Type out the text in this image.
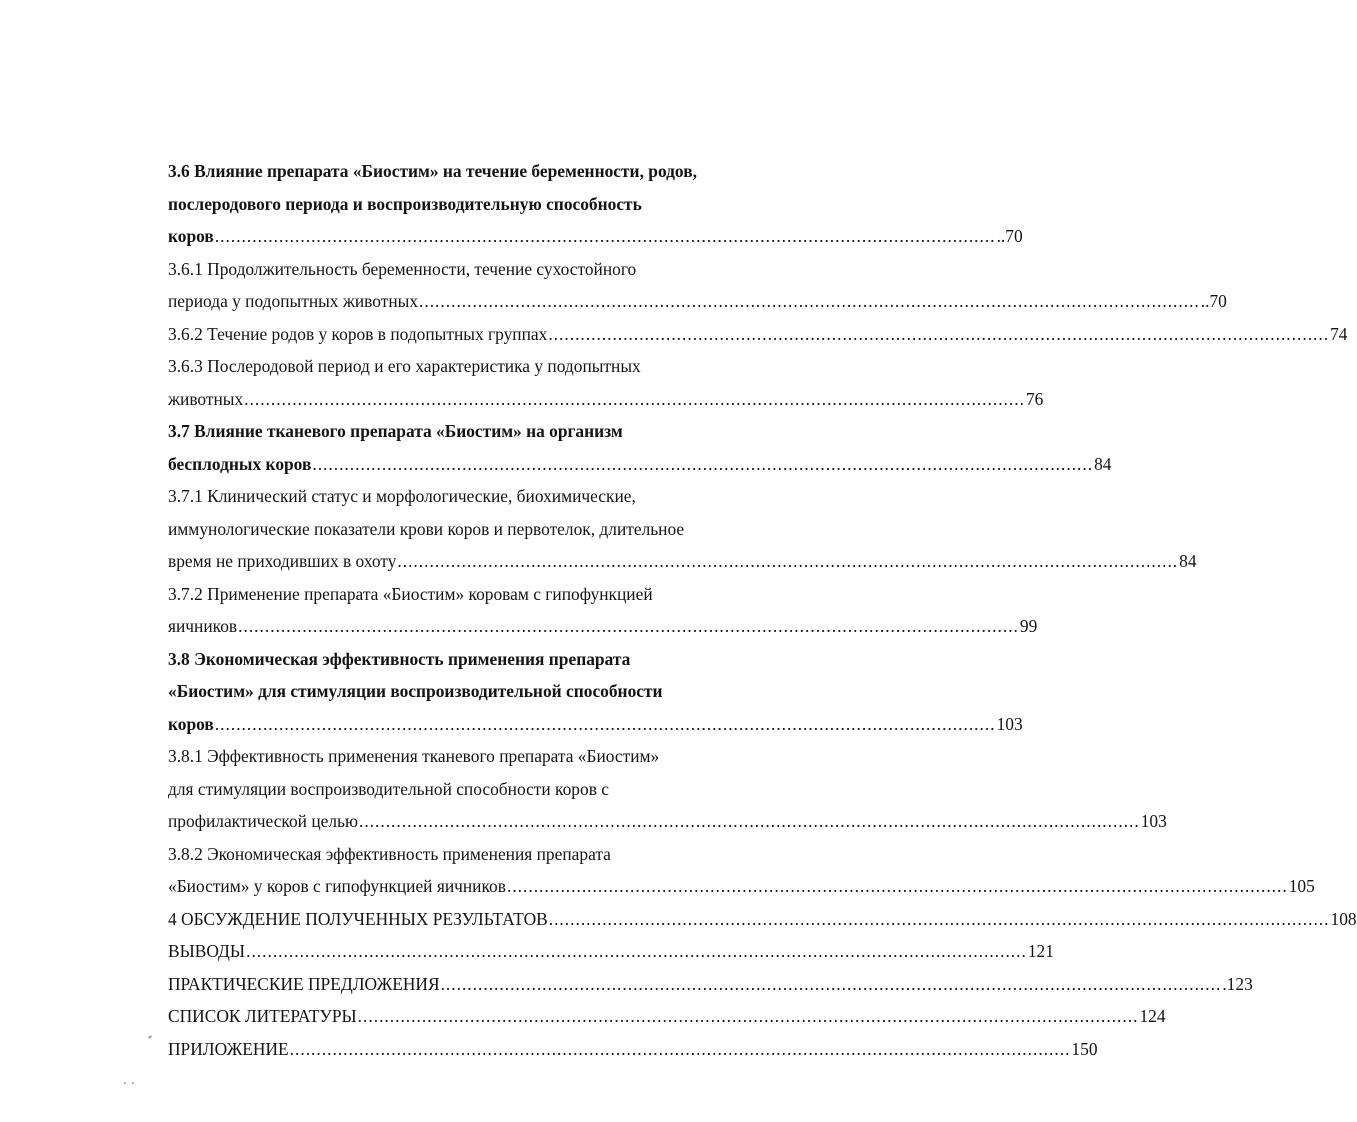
3.6 Влияние препарата «Биостим» на течение беременности, родов,
послеродового периода и воспроизводительную способность
коров .................................................................................................................................................. ..70
3.6.1 Продолжительность беременности, течение сухостойного
периода у подопытных животных .................................................................................................................................................. ..70
3.6.2 Течение родов у коров в подопытных группах .................................................................................................................................................. 74
3.6.3 Послеродовой период и его характеристика у подопытных
животных .................................................................................................................................................. 76
3.7 Влияние тканевого препарата «Биостим» на организм
бесплодных коров .................................................................................................................................................. 84
3.7.1 Клинический статус и морфологические, биохимические,
иммунологические показатели крови коров и первотелок, длительное
время не приходивших в охоту .................................................................................................................................................. 84
3.7.2 Применение препарата «Биостим» коровам с гипофункцией
яичников .................................................................................................................................................. 99
3.8 Экономическая эффективность применения препарата
«Биостим» для стимуляции воспроизводительной способности
коров .................................................................................................................................................. 103
3.8.1 Эффективность применения тканевого препарата «Биостим»
для стимуляции воспроизводительной способности коров с
профилактической целью .................................................................................................................................................. 103
3.8.2 Экономическая эффективность применения препарата
«Биостим» у коров с гипофункцией яичников .................................................................................................................................................. 105
4 ОБСУЖДЕНИЕ ПОЛУЧЕННЫХ РЕЗУЛЬТАТОВ .................................................................................................................................................. 108
ВЫВОДЫ .................................................................................................................................................. 121
ПРАКТИЧЕСКИЕ ПРЕДЛОЖЕНИЯ .................................................................................................................................................. .123
СПИСОК ЛИТЕРАТУРЫ .................................................................................................................................................. 124
ПРИЛОЖЕНИЕ .................................................................................................................................................. 150
